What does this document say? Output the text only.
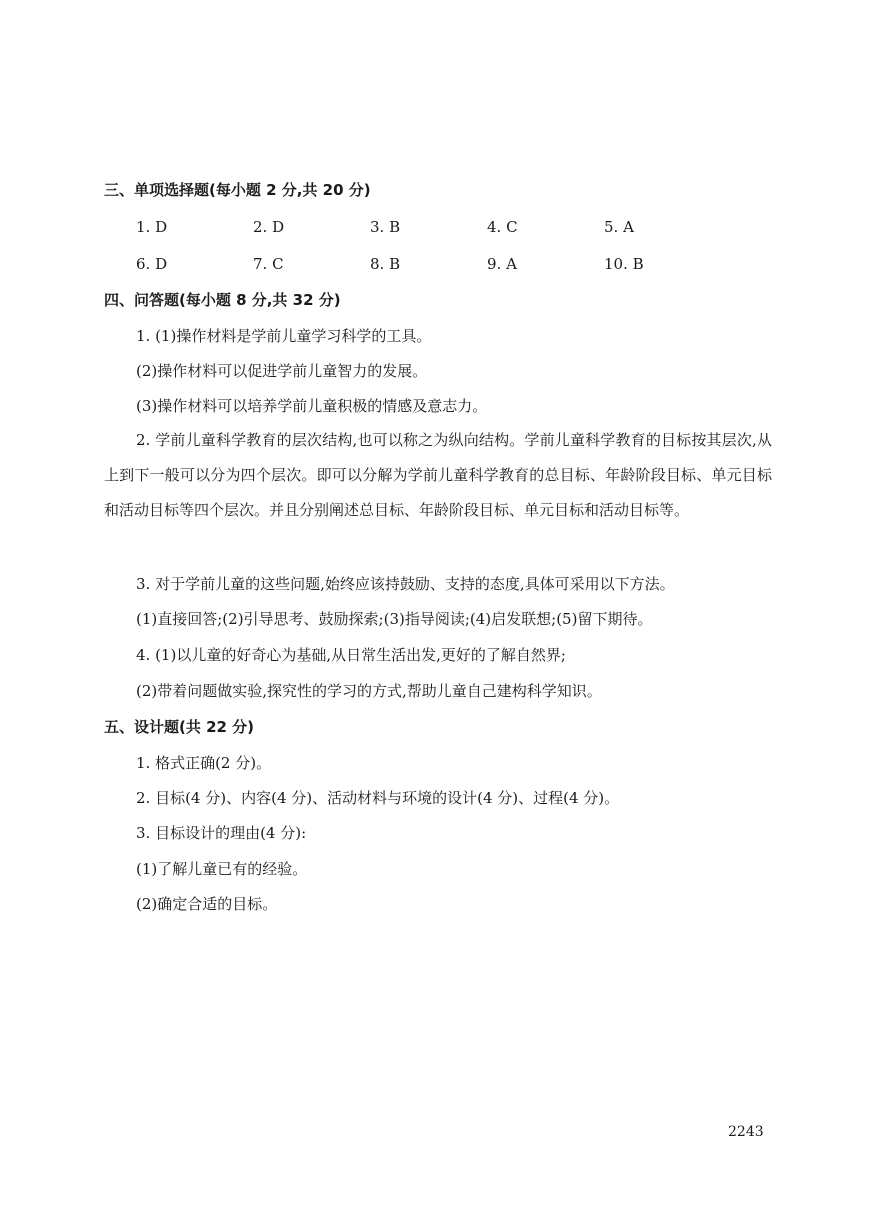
三、单项选择题(每小题 2 分,共 20 分)
1. D	2. D	3. B	4. C	5. A
6. D	7. C	8. B	9. A	10. B
四、问答题(每小题 8 分,共 32 分)
1. (1)操作材料是学前儿童学习科学的工具。
(2)操作材料可以促进学前儿童智力的发展。
(3)操作材料可以培养学前儿童积极的情感及意志力。
2. 学前儿童科学教育的层次结构,也可以称之为纵向结构。学前儿童科学教育的目标按其层次,从上到下一般可以分为四个层次。即可以分解为学前儿童科学教育的总目标、年龄阶段目标、单元目标和活动目标等四个层次。并且分别阐述总目标、年龄阶段目标、单元目标和活动目标等。
3. 对于学前儿童的这些问题,始终应该持鼓励、支持的态度,具体可采用以下方法。
(1)直接回答;(2)引导思考、鼓励探索;(3)指导阅读;(4)启发联想;(5)留下期待。
4. (1)以儿童的好奇心为基础,从日常生活出发,更好的了解自然界;
(2)带着问题做实验,探究性的学习的方式,帮助儿童自己建构科学知识。
五、设计题(共 22 分)
1. 格式正确(2 分)。
2. 目标(4 分)、内容(4 分)、活动材料与环境的设计(4 分)、过程(4 分)。
3. 目标设计的理由(4 分):
(1)了解儿童已有的经验。
(2)确定合适的目标。
2243
